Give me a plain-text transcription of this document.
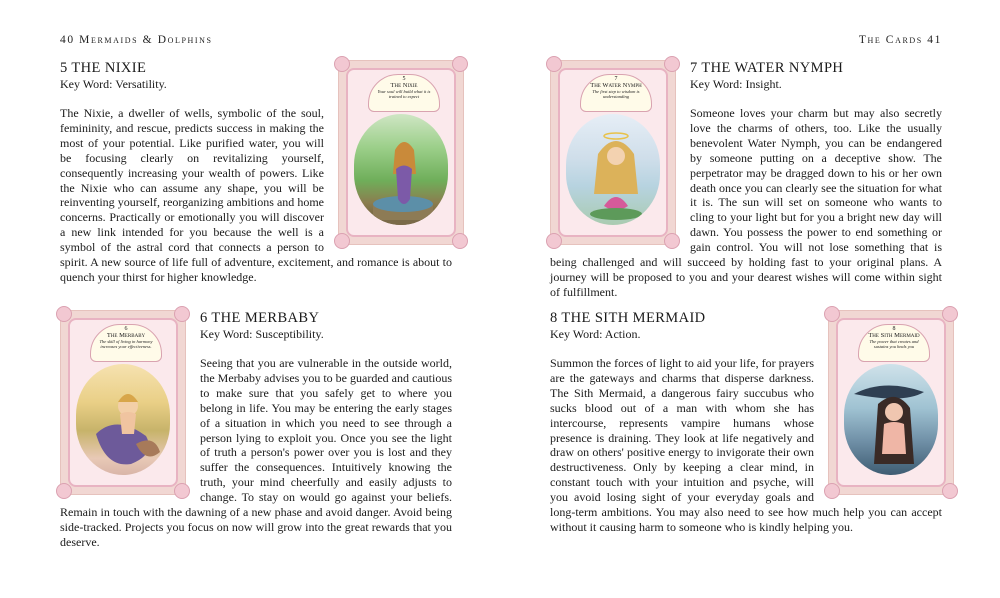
40 Mermaids & Dolphins
5
The Nixie
Your soul will build what it is trained to expect
5 THE NIXIE
Key Word: Versatility.
The Nixie, a dweller of wells, symbolic of the soul, femininity, and rescue, predicts success in making the most of your potential. Like purified water, you will be focusing clearly on revitalizing yourself, consequently increasing your wealth of powers. Like the Nixie who can assume any shape, you will be reinventing yourself, reorganizing ambitions and home concerns. Practically or emotionally you will discover a new link intended for you because the well is a symbol of the astral cord that connects a person to spirit. A new source of life full of adventure, excitement, and romance is about to quench your thirst for higher knowledge.
6
The Merbaby
The skill of living in harmony increases your effectiveness.
6 THE MERBABY
Key Word: Susceptibility.
Seeing that you are vulnerable in the outside world, the Merbaby advises you to be guarded and cautious to make sure that you safely get to where you belong in life. You may be entering the early stages of a situation in which you need to see through a person lying to exploit you. Once you see the light of truth a person's power over you is lost and they suffer the consequences. Intuitively knowing the truth, your mind cheerfully and easily adjusts to change. To stay on would go against your beliefs. Remain in touch with the dawning of a new phase and avoid danger. Avoid being side-tracked. Projects you focus on now will grow into the great rewards that you deserve.
The Cards 41
7
The Water Nymph
The first step to wisdom is understanding
7 THE WATER NYMPH
Key Word: Insight.
Someone loves your charm but may also secretly love the charms of others, too. Like the usually benevolent Water Nymph, you can be endangered by someone putting on a deceptive show. The perpetrator may be dragged down to his or her own death once you can clearly see the situation for what it is. The sun will set on someone who wants to cling to your light but for you a bright new day will dawn. You possess the power to end something or gain control. You will not lose something that is being challenged and will succeed by holding fast to your original plans. A journey will be proposed to you and your dearest wishes will come within sight of fulfillment.
8
The Sith Mermaid
The power that creates and sustains you heals you
8 THE SITH MERMAID
Key Word: Action.
Summon the forces of light to aid your life, for prayers are the gateways and charms that disperse darkness. The Sith Mermaid, a dangerous fairy succubus who sucks blood out of a man with whom she has intercourse, represents vampire humans whose presence is draining. They look at life negatively and draw on others' positive energy to invigorate their own destructiveness. Only by keeping a clear mind, in constant touch with your intuition and psyche, will you avoid losing sight of your everyday goals and long-term ambitions. You may also need to see how much help you can accept without it causing harm to someone who is kindly helping you.
